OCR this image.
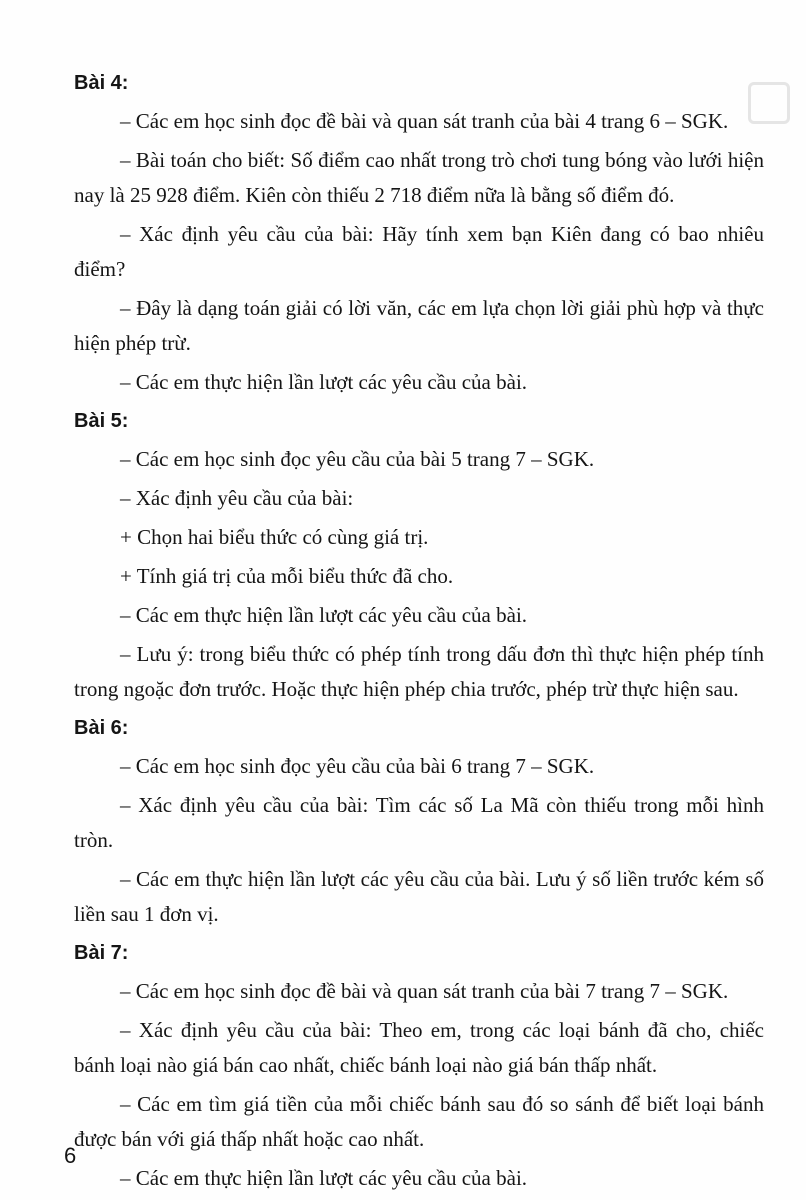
Bài 4:

– Các em học sinh đọc đề bài và quan sát tranh của bài 4 trang 6 – SGK.

– Bài toán cho biết: Số điểm cao nhất trong trò chơi tung bóng vào lưới hiện nay là 25 928 điểm. Kiên còn thiếu 2 718 điểm nữa là bằng số điểm đó.

– Xác định yêu cầu của bài: Hãy tính xem bạn Kiên đang có bao nhiêu điểm?

– Đây là dạng toán giải có lời văn, các em lựa chọn lời giải phù hợp và thực hiện phép trừ.

– Các em thực hiện lần lượt các yêu cầu của bài.

Bài 5:

– Các em học sinh đọc yêu cầu của bài 5 trang 7 – SGK.

– Xác định yêu cầu của bài:

+ Chọn hai biểu thức có cùng giá trị.

+ Tính giá trị của mỗi biểu thức đã cho.

– Các em thực hiện lần lượt các yêu cầu của bài.

– Lưu ý: trong biểu thức có phép tính trong dấu đơn thì thực hiện phép tính trong ngoặc đơn trước. Hoặc thực hiện phép chia trước, phép trừ thực hiện sau.

Bài 6:

– Các em học sinh đọc yêu cầu của bài 6 trang 7 – SGK.

– Xác định yêu cầu của bài: Tìm các số La Mã còn thiếu trong mỗi hình tròn.

– Các em thực hiện lần lượt các yêu cầu của bài. Lưu ý số liền trước kém số liền sau 1 đơn vị.

Bài 7:

– Các em học sinh đọc đề bài và quan sát tranh của bài 7 trang 7 – SGK.

– Xác định yêu cầu của bài: Theo em, trong các loại bánh đã cho, chiếc bánh loại nào giá bán cao nhất, chiếc bánh loại nào giá bán thấp nhất.

– Các em tìm giá tiền của mỗi chiếc bánh sau đó so sánh để biết loại bánh được bán với giá thấp nhất hoặc cao nhất.

– Các em thực hiện lần lượt các yêu cầu của bài.

6
